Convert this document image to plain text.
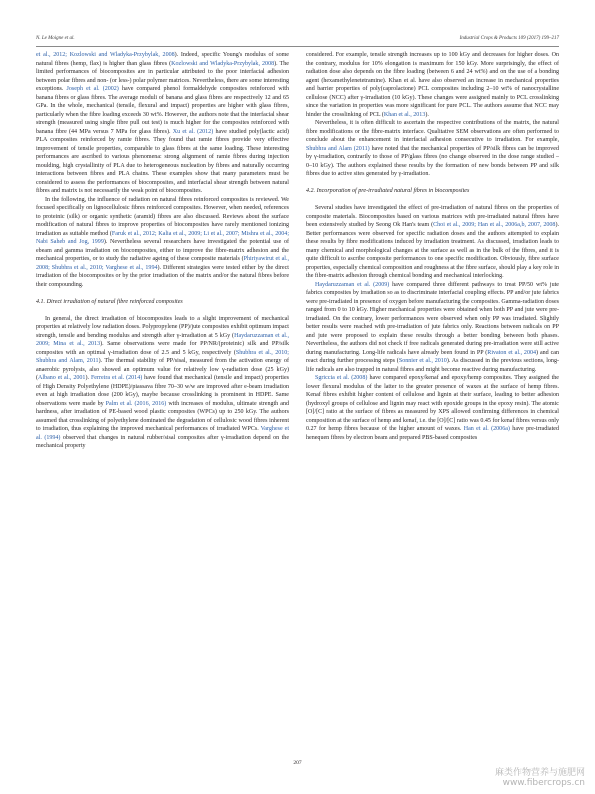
N. Le Moigne et al.	Industrial Crops & Products 109 (2017) 199–217

et al., 2012; Kozlowski and Wladyka-Przybylak, 2008). Indeed, specific Young's modulus of some natural fibres (hemp, flax) is higher than glass fibres (Kozlowski and Wladyka-Przybylak, 2008). The limited performances of biocomposites are in particular attributed to the poor interfacial adhesion between polar fibres and non- (or less-) polar polymer matrices. Nevertheless, there are some interesting exceptions. Joseph et al. (2002) have compared phenol formaldehyde composites reinforced with banana fibres or glass fibres. The average moduli of banana and glass fibres are respectively 12 and 65 GPa. In the whole, mechanical (tensile, flexural and impact) properties are higher with glass fibres, particularly when the fibre loading exceeds 30 wt%. However, the authors note that the interfacial shear strength (measured using single fibre pull out test) is much higher for the composites reinforced with banana fibre (44 MPa versus 7 MPa for glass fibres). Xu et al. (2012) have studied poly(lactic acid) PLA composites reinforced by ramie fibres. They found that ramie fibres provide very effective improvement of tensile properties, comparable to glass fibres at the same loading. These interesting performances are ascribed to various phenomena: strong alignment of ramie fibres during injection moulding, high crystallinity of PLA due to heterogeneous nucleation by fibres and naturally occurring interactions between fibres and PLA chains. These examples show that many parameters must be considered to assess the performances of biocomposites, and interfacial shear strength between natural fibres and matrix is not necessarily the weak point of biocomposites.

In the following, the influence of radiation on natural fibres reinforced composites is reviewed. We focused specifically on lignocellulosic fibres reinforced composites. However, when needed, references to proteinic (silk) or organic synthetic (aramid) fibres are also discussed. Reviews about the surface modification of natural fibres to improve properties of biocomposites have rarely mentioned ionizing irradiation as suitable method (Faruk et al., 2012; Kalia et al., 2009; Li et al., 2007; Mishra et al., 2004; Nabi Saheb and Jog, 1999). Nevertheless several researchers have investigated the potential use of ebeam and gamma irradiation on biocomposites, either to improve the fibre-matrix adhesion and the mechanical properties, or to study the radiative ageing of these composite materials (Phiriyawirut et al., 2008; Shubhra et al., 2010; Varghese et al., 1994). Different strategies were tested either by the direct irradiation of the biocomposites or by the prior irradiation of the matrix and/or the natural fibres before their compounding.

4.1. Direct irradiation of natural fibre reinforced composites

In general, the direct irradiation of biocomposites leads to a slight improvement of mechanical properties at relatively low radiation doses. Polypropylene (PP)/jute composites exhibit optimum impact strength, tensile and bending modulus and strength after γ-irradiation at 5 kGy (Haydaruzzaman et al., 2009; Mina et al., 2013). Same observations were made for PP/NR/(proteinic) silk and PP/silk composites with an optimal γ-irradiation dose of 2.5 and 5 kGy, respectively (Shubhra et al., 2010; Shubhra and Alam, 2011). The thermal stability of PP/sisal, measured from the activation energy of anaerobic pyrolysis, also showed an optimum value for relatively low γ-radiation dose (25 kGy) (Albano et al., 2001). Ferreira et al. (2014) have found that mechanical (tensile and impact) properties of High Density Polyethylene (HDPE)/piassava fibre 70–30 w/w are improved after e-beam irradiation even at high irradiation dose (200 kGy), maybe because crosslinking is prominent in HDPE. Same observations were made by Palm et al. (2016, 2016) with increases of modulus, ultimate strength and hardness, after irradiation of PE-based wood plastic composites (WPCs) up to 250 kGy. The authors assumed that crosslinking of polyethylene dominated the degradation of cellulosic wood fibres inherent to irradiation, thus explaining the improved mechanical performances of irradiated WPCs. Varghese et al. (1994) observed that changes in natural rubber/sisal composites after γ-irradiation depend on the mechanical property

considered. For example, tensile strength increases up to 100 kGy and decreases for higher doses. On the contrary, modulus for 10% elongation is maximum for 150 kGy. More surprisingly, the effect of radiation dose also depends on the fibre loading (between 6 and 24 wt%) and on the use of a bonding agent (hexamethylenetetramine). Khan et al. have also observed an increase in mechanical properties and barrier properties of poly(caprolactone) PCL composites including 2–10 wt% of nanocrystalline cellulose (NCC) after γ-irradiation (10 kGy). These changes were assigned mainly to PCL crosslinking since the variation in properties was more significant for pure PCL. The authors assume that NCC may hinder the crosslinking of PCL (Khan et al., 2013).

Nevertheless, it is often difficult to ascertain the respective contributions of the matrix, the natural fibre modifications or the fibre-matrix interface. Qualitative SEM observations are often performed to conclude about the enhancement in interfacial adhesion consecutive to irradiation. For example, Shubhra and Alam (2011) have noted that the mechanical properties of PP/silk fibres can be improved by γ-irradiation, contrarily to those of PP/glass fibres (no change observed in the dose range studied – 0–10 kGy). The authors explained these results by the formation of new bonds between PP and silk fibres due to active sites generated by γ-irradiation.

4.2. Incorporation of pre-irradiated natural fibres in biocomposites

Several studies have investigated the effect of pre-irradiation of natural fibres on the properties of composite materials. Biocomposites based on various matrices with pre-irradiated natural fibres have been extensively studied by Seong Ok Han's team (Choi et al., 2009; Han et al., 2006a,b, 2007, 2008). Better performances were observed for specific radiation doses and the authors attempted to explain these results by fibre modifications induced by irradiation treatment. As discussed, irradiation leads to many chemical and morphological changes at the surface as well as in the bulk of the fibres, and it is quite difficult to ascribe composite performances to one specific modification. Obviously, fibre surface properties, especially chemical composition and roughness at the fibre surface, should play a key role in the fibre-matrix adhesion through chemical bonding and mechanical interlocking.

Haydaruzzaman et al. (2009) have compared three different pathways to treat PP/50 wt% jute fabrics composites by irradiation so as to discriminate interfacial coupling effects. PP and/or jute fabrics were pre-irradiated in presence of oxygen before manufacturing the composites. Gamma-radiation doses ranged from 0 to 10 kGy. Higher mechanical properties were obtained when both PP and jute were pre-irradiated. On the contrary, lower performances were observed when only PP was irradiated. Slightly better results were reached with pre-irradiation of jute fabrics only. Reactions between radicals on PP and jute were proposed to explain these results through a better bonding between both phases. Nevertheless, the authors did not check if free radicals generated during pre-irradiation were still active during manufacturing. Long-life radicals have already been found in PP (Rivaton et al., 2004) and can react during further processing steps (Sonnier et al., 2010). As discussed in the previous sections, long-life radicals are also trapped in natural fibres and might become reactive during manufacturing.

Sgriccia et al. (2008) have compared epoxy/kenaf and epoxy/hemp composites. They assigned the lower flexural modulus of the latter to the greater presence of waxes at the surface of hemp fibres. Kenaf fibres exhibit higher content of cellulose and lignin at their surface, leading to better adhesion (hydroxyl groups of cellulose and lignin may react with epoxide groups in the epoxy resin). The atomic [O]/[C] ratio at the surface of fibres as measured by XPS allowed confirming differences in chemical composition at the surface of hemp and kenaf, i.e. the [O]/[C] ratio was 0.45 for kenaf fibres versus only 0.27 for hemp fibres because of the higher amount of waxes. Han et al. (2006a) have pre-irradiated henequen fibres by electron beam and prepared PBS-based composites

207
麻类作物营养与施肥网
www.fibercrops.cn
